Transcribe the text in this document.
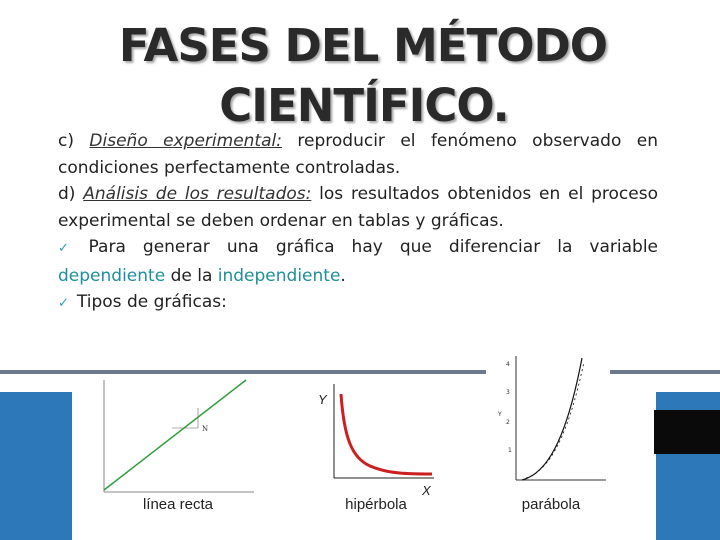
FASES DEL MÉTODO
CIENTÍFICO.

c) Diseño experimental: reproducir el fenómeno observado en condiciones perfectamente controladas.

d) Análisis de los resultados: los resultados obtenidos en el proceso experimental se deben ordenar en tablas y gráficas.

✓ Para generar una gráfica hay que diferenciar la variable dependiente de la independiente.

✓ Tipos de gráficas:

N
línea recta
Y
X
hipérbola
4
3
2
1
Y
parábola
